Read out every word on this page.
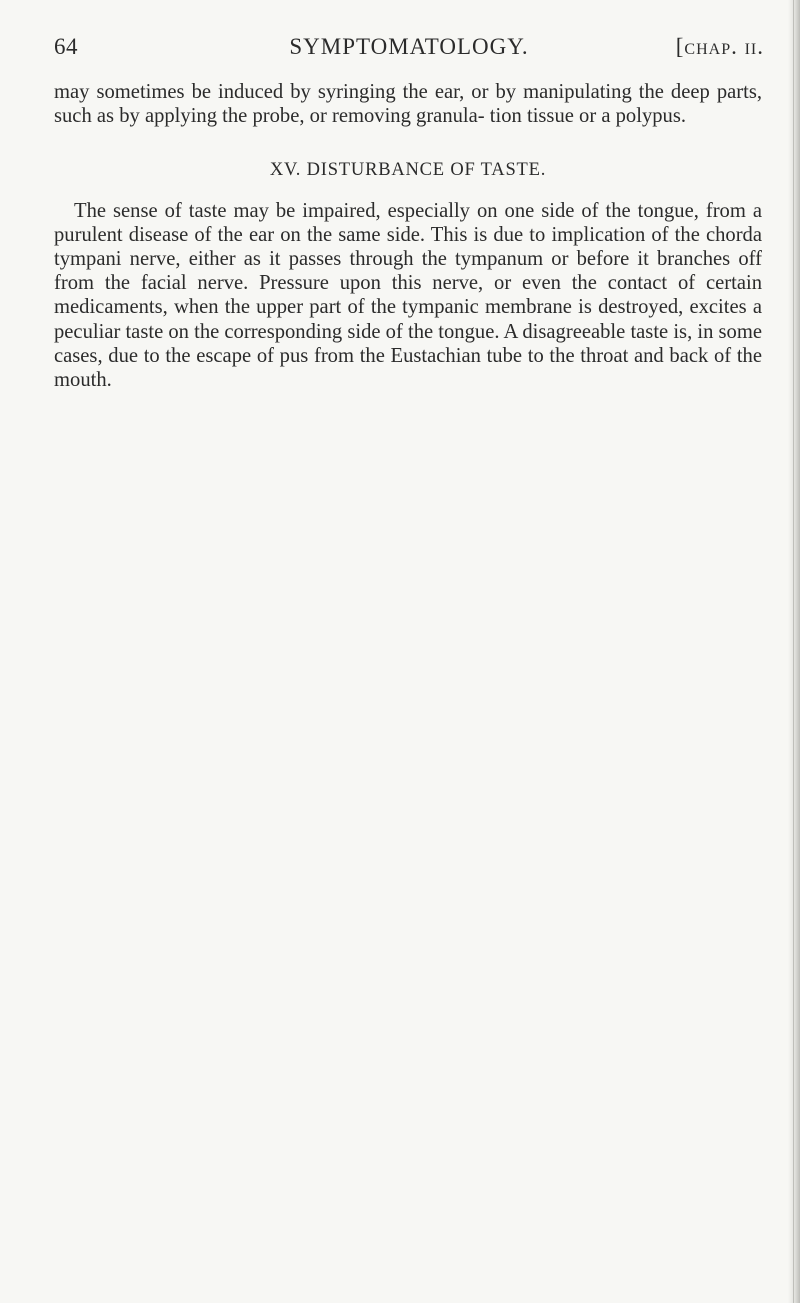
64	SYMPTOMATOLOGY.	[chap. ii.

may sometimes be induced by syringing the ear, or by manipulating the deep parts, such as by applying the probe, or removing granula- tion tissue or a polypus.

XV. DISTURBANCE OF TASTE.

The sense of taste may be impaired, especially on one side of the tongue, from a purulent disease of the ear on the same side. This is due to implication of the chorda tympani nerve, either as it passes through the tympanum or before it branches off from the facial nerve. Pressure upon this nerve, or even the contact of certain medicaments, when the upper part of the tympanic membrane is destroyed, excites a peculiar taste on the corresponding side of the tongue. A disagreeable taste is, in some cases, due to the escape of pus from the Eustachian tube to the throat and back of the mouth.
